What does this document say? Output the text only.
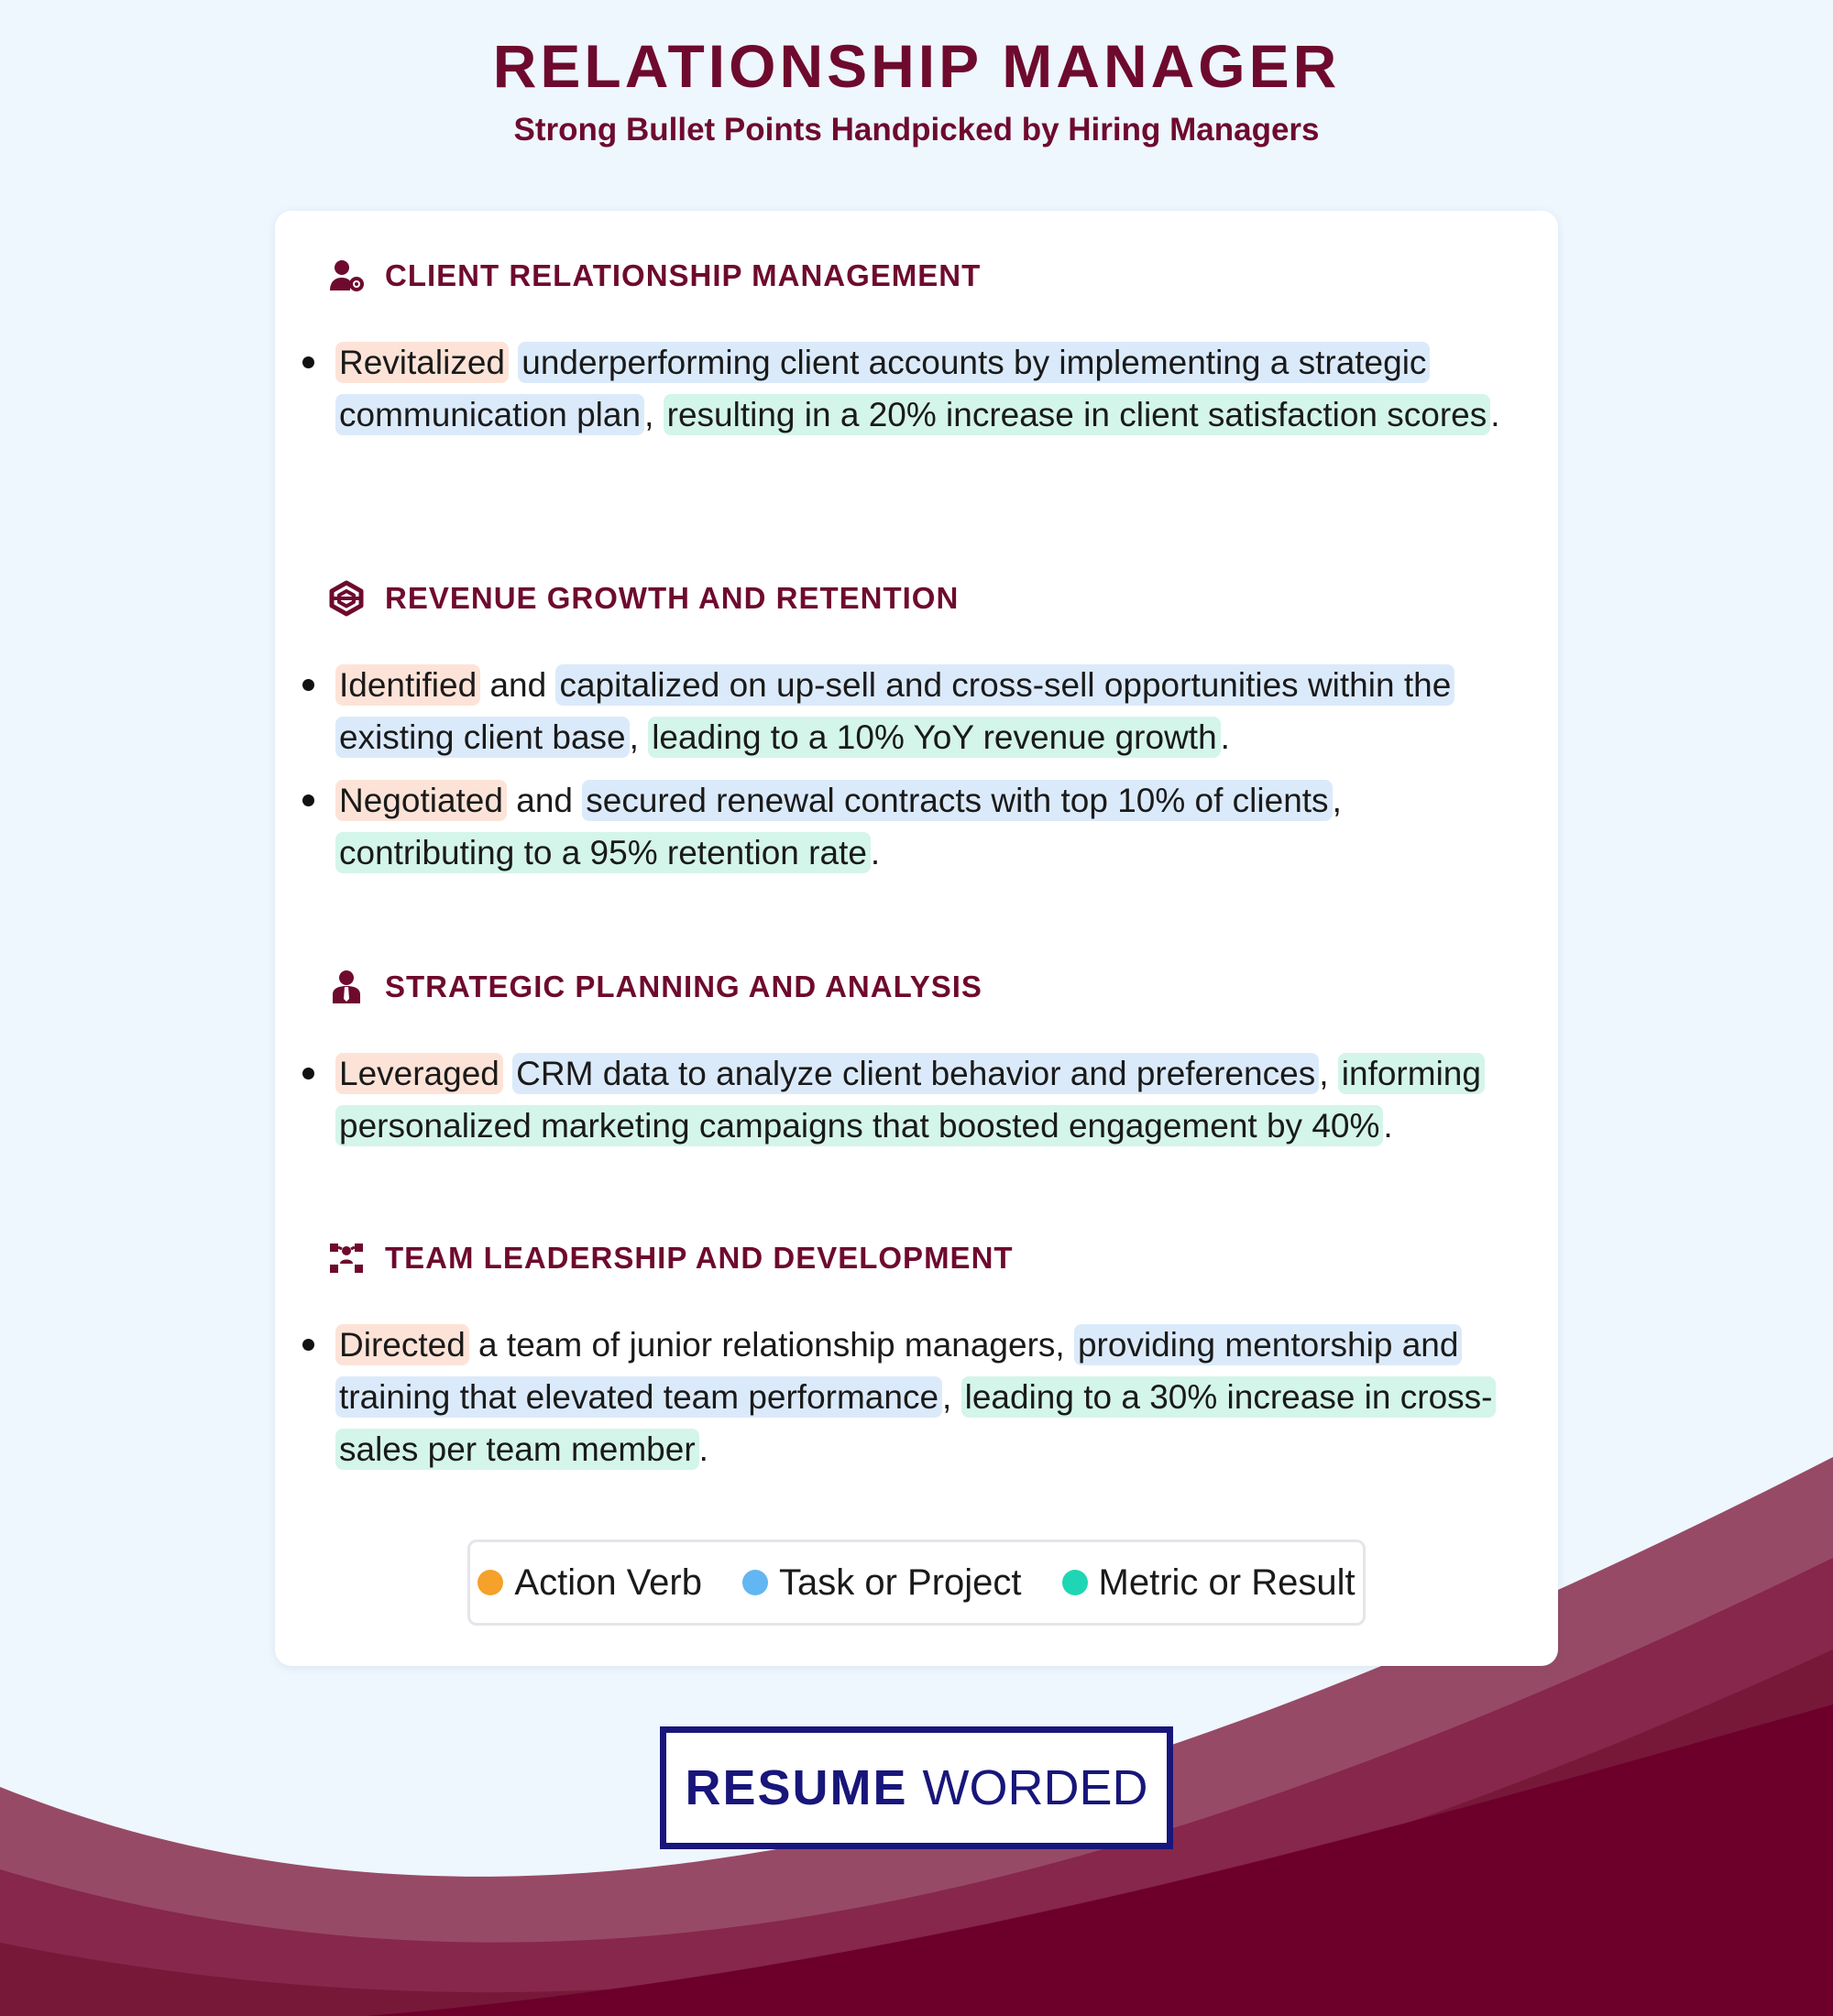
RELATIONSHIP MANAGER
Strong Bullet Points Handpicked by Hiring Managers
CLIENT RELATIONSHIP MANAGEMENT
Revitalized underperforming client accounts by implementing a strategic communication plan , resulting in a 20% increase in client satisfaction scores .
REVENUE GROWTH AND RETENTION
Identified and capitalized on up-sell and cross-sell opportunities within the existing client base , leading to a 10% YoY revenue growth .
Negotiated and secured renewal contracts with top 10% of clients , contributing to a 95% retention rate .
STRATEGIC PLANNING AND ANALYSIS
Leveraged CRM data to analyze client behavior and preferences , informing personalized marketing campaigns that boosted engagement by 40% .
TEAM LEADERSHIP AND DEVELOPMENT
Directed a team of junior relationship managers, providing mentorship and training that elevated team performance , leading to a 30% increase in cross-sales per team member .
Action Verb Task or Project Metric or Result
RESUME WORDED
